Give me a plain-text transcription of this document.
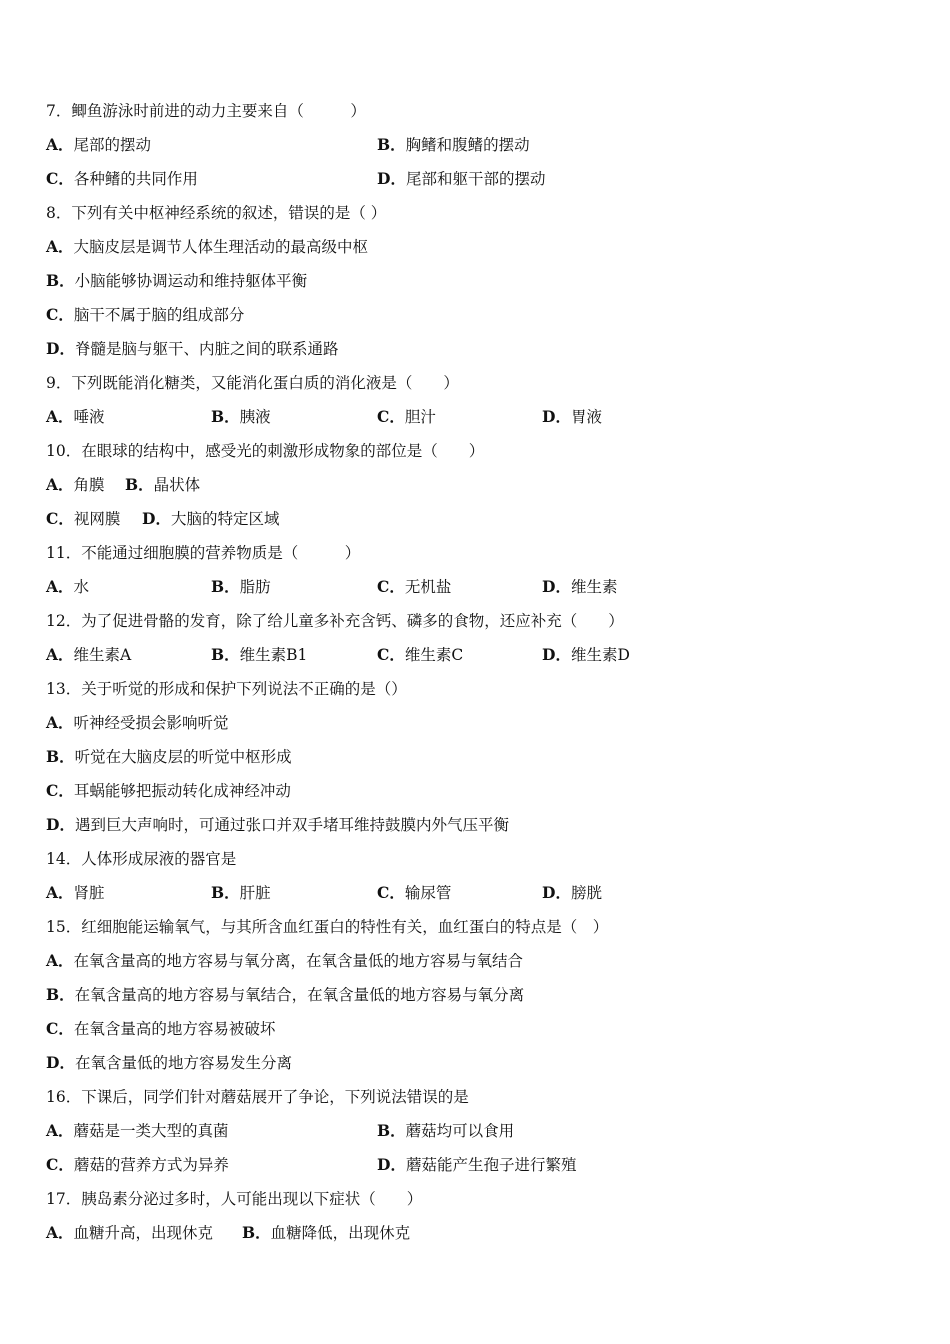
7．鲫鱼游泳时前进的动力主要来自（　　　）

A．尾部的摆动

	B．胸鳍和腹鳍的摆动

C．各种鳍的共同作用

	D．尾部和躯干部的摆动

8．下列有关中枢神经系统的叙述，错误的是（ ）
A．大脑皮层是调节人体生理活动的最高级中枢
B．小脑能够协调运动和维持躯体平衡
C．脑干不属于脑的组成部分
D．脊髓是脑与躯干、内脏之间的联系通路
9．下列既能消化糖类，又能消化蛋白质的消化液是（　　）

A．唾液

	B．胰液

	C．胆汁

	D．胃液

10．在眼球的结构中，感受光的刺激形成物象的部位是（　　）

A．角膜

B．晶状体

C．视网膜

D．大脑的特定区域

11．不能通过细胞膜的营养物质是（　　　）

A．水

	B．脂肪

	C．无机盐

	D．维生素

12．为了促进骨骼的发育，除了给儿童多补充含钙、磷多的食物，还应补充（　　）

A．维生素A

	B．维生素B1

	C．维生素C

	D．维生素D

13．关于听觉的形成和保护下列说法不正确的是（）
A．听神经受损会影响听觉
B．听觉在大脑皮层的听觉中枢形成
C．耳蜗能够把振动转化成神经冲动
D．遇到巨大声响时，可通过张口并双手堵耳维持鼓膜内外气压平衡
14．人体形成尿液的器官是

A．肾脏

	B．肝脏

	C．输尿管

	D．膀胱

15．红细胞能运输氧气，与其所含血红蛋白的特性有关，血红蛋白的特点是（　）
A．在氧含量高的地方容易与氧分离，在氧含量低的地方容易与氧结合
B．在氧含量高的地方容易与氧结合，在氧含量低的地方容易与氧分离
C．在氧含量高的地方容易被破坏
D．在氧含量低的地方容易发生分离
16．下课后，同学们针对蘑菇展开了争论，下列说法错误的是

A．蘑菇是一类大型的真菌

	B．蘑菇均可以食用

C．蘑菇的营养方式为异养

	D．蘑菇能产生孢子进行繁殖

17．胰岛素分泌过多时，人可能出现以下症状（　　）

A．血糖升高，出现休克

B．血糖降低，出现休克
